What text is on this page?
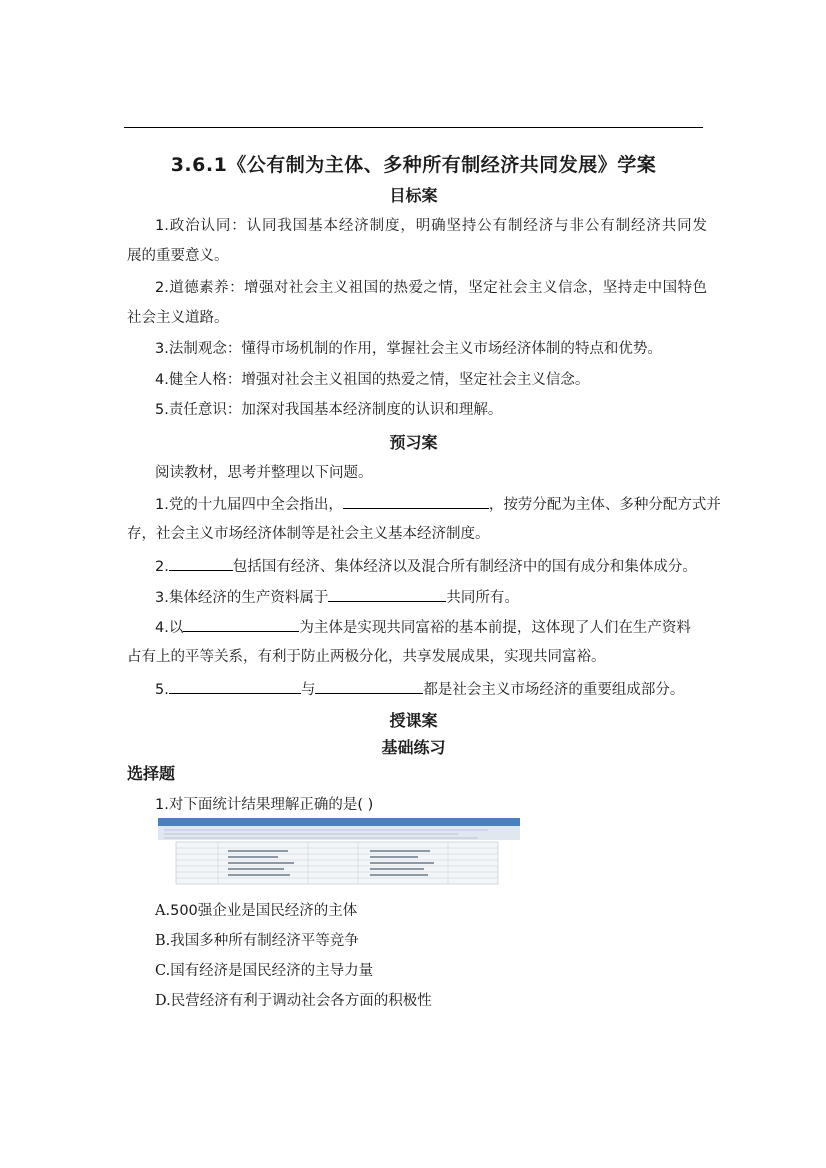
3.6.1《公有制为主体、多种所有制经济共同发展》学案
目标案
1.政治认同：认同我国基本经济制度，明确坚持公有制经济与非公有制经济共同发
展的重要意义。
2.道德素养：增强对社会主义祖国的热爱之情，坚定社会主义信念，坚持走中国特色
社会主义道路。
3.法制观念：懂得市场机制的作用，掌握社会主义市场经济体制的特点和优势。
4.健全人格：增强对社会主义祖国的热爱之情，坚定社会主义信念。
5.责任意识：加深对我国基本经济制度的认识和理解。
预习案
阅读教材，思考并整理以下问题。
1.党的十九届四中全会指出，	，按劳分配为主体、多种分配方式并
存，社会主义市场经济体制等是社会主义基本经济制度。
2.	包括国有经济、集体经济以及混合所有制经济中的国有成分和集体成分。
3.集体经济的生产资料属于	共同所有。
4.以	为主体是实现共同富裕的基本前提，这体现了人们在生产资料
占有上的平等关系，有利于防止两极分化，共享发展成果，实现共同富裕。
5.	与	都是社会主义市场经济的重要组成部分。
授课案
基础练习
选择题
1.对下面统计结果理解正确的是( )
A.500强企业是国民经济的主体
B.我国多种所有制经济平等竞争
C.国有经济是国民经济的主导力量
D.民营经济有利于调动社会各方面的积极性
